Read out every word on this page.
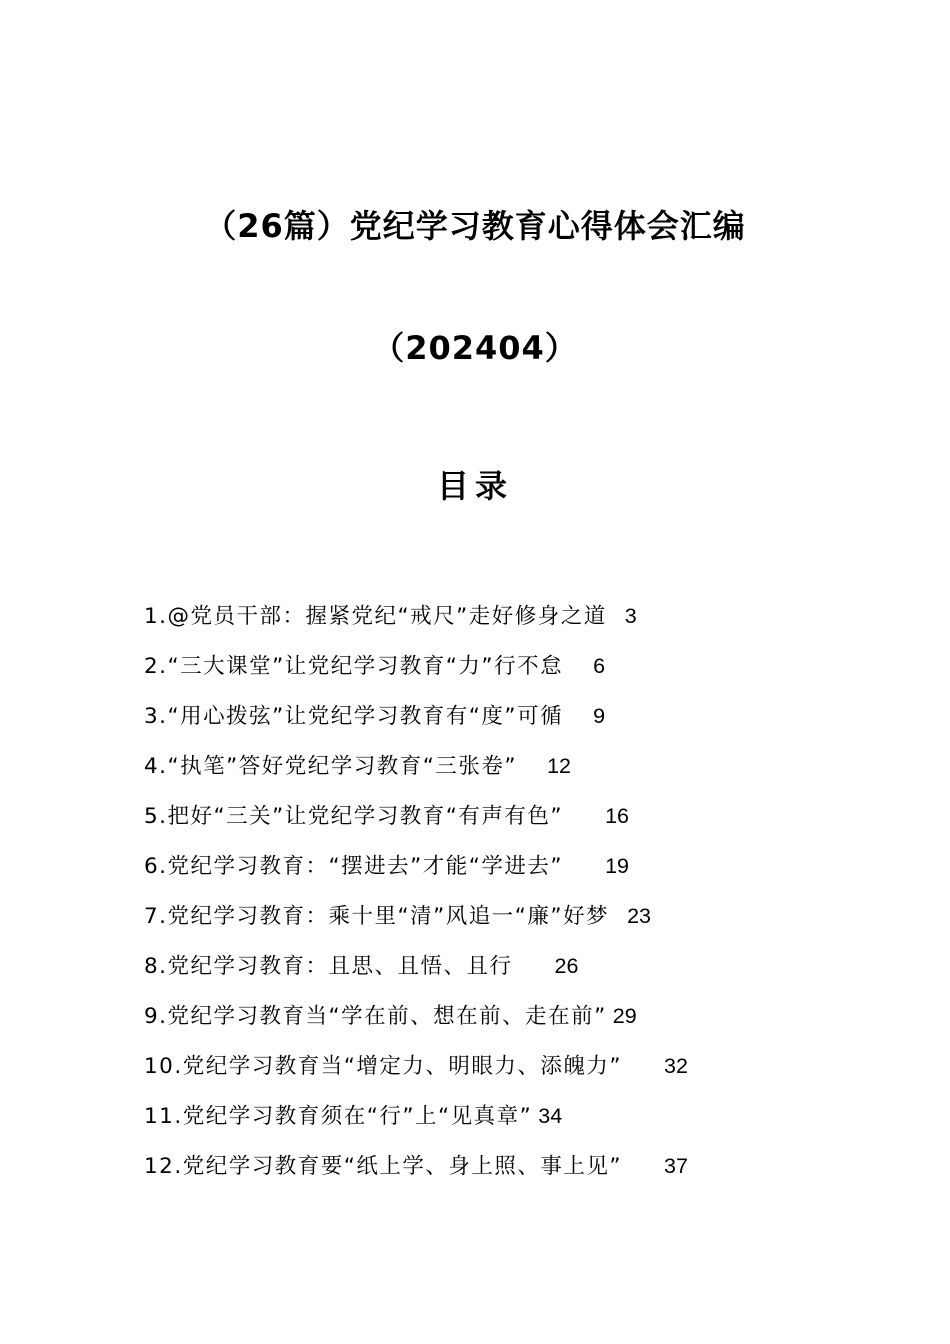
（26篇）党纪学习教育心得体会汇编
（202404）
目录
1.@党员干部：握紧党纪“戒尺”走好修身之道 3
2.“三大课堂”让党纪学习教育“力”行不怠 6
3.“用心拨弦”让党纪学习教育有“度”可循 9
4.“执笔”答好党纪学习教育“三张卷” 12
5.把好“三关”让党纪学习教育“有声有色” 16
6.党纪学习教育：“摆进去”才能“学进去” 19
7.党纪学习教育：乘十里“清”风追一“廉”好梦 23
8.党纪学习教育：且思、且悟、且行 26
9.党纪学习教育当“学在前、想在前、走在前” 29
10.党纪学习教育当“增定力、明眼力、添魄力” 32
11.党纪学习教育须在“行”上“见真章” 34
12.党纪学习教育要“纸上学、身上照、事上见” 37
